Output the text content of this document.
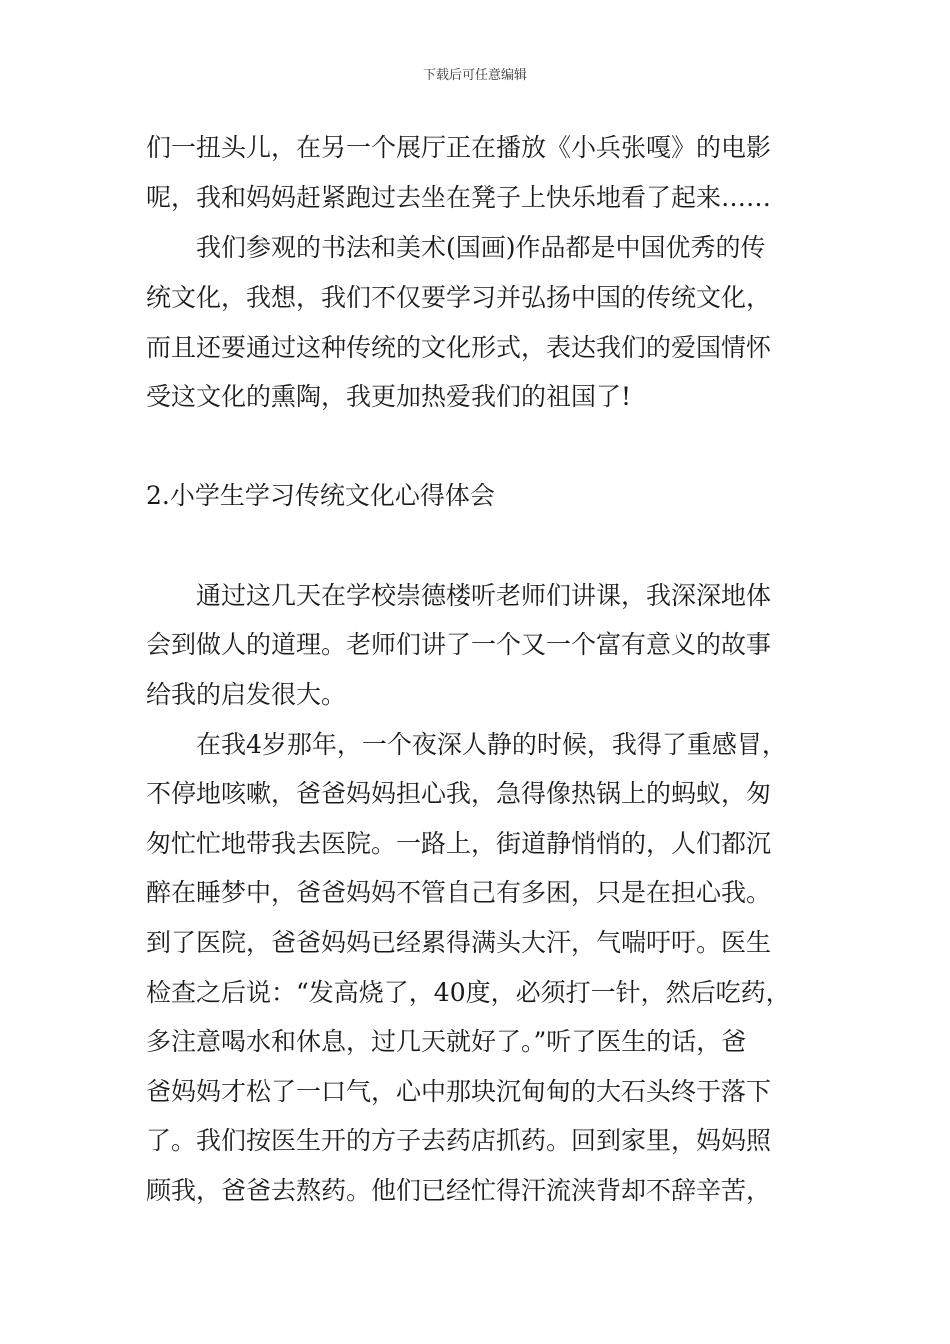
下载后可任意编辑
们一扭头儿，在另一个展厅正在播放《小兵张嘎》的电影
呢，我和妈妈赶紧跑过去坐在凳子上快乐地看了起来……
　　我们参观的书法和美术(国画)作品都是中国优秀的传
统文化，我想，我们不仅要学习并弘扬中国的传统文化，
而且还要通过这种传统的文化形式，表达我们的爱国情怀
受这文化的熏陶，我更加热爱我们的祖国了!
2.小学生学习传统文化心得体会
　　通过这几天在学校崇德楼听老师们讲课，我深深地体
会到做人的道理。老师们讲了一个又一个富有意义的故事
给我的启发很大。
　　在我4岁那年，一个夜深人静的时候，我得了重感冒，
不停地咳嗽，爸爸妈妈担心我，急得像热锅上的蚂蚁，匆
匆忙忙地带我去医院。一路上，街道静悄悄的，人们都沉
醉在睡梦中，爸爸妈妈不管自己有多困，只是在担心我。
到了医院，爸爸妈妈已经累得满头大汗，气喘吁吁。医生
检查之后说：“发高烧了，40度，必须打一针，然后吃药，
多注意喝水和休息，过几天就好了。”听了医生的话，爸
爸妈妈才松了一口气，心中那块沉甸甸的大石头终于落下
了。我们按医生开的方子去药店抓药。回到家里，妈妈照
顾我，爸爸去熬药。他们已经忙得汗流浃背却不辞辛苦，
